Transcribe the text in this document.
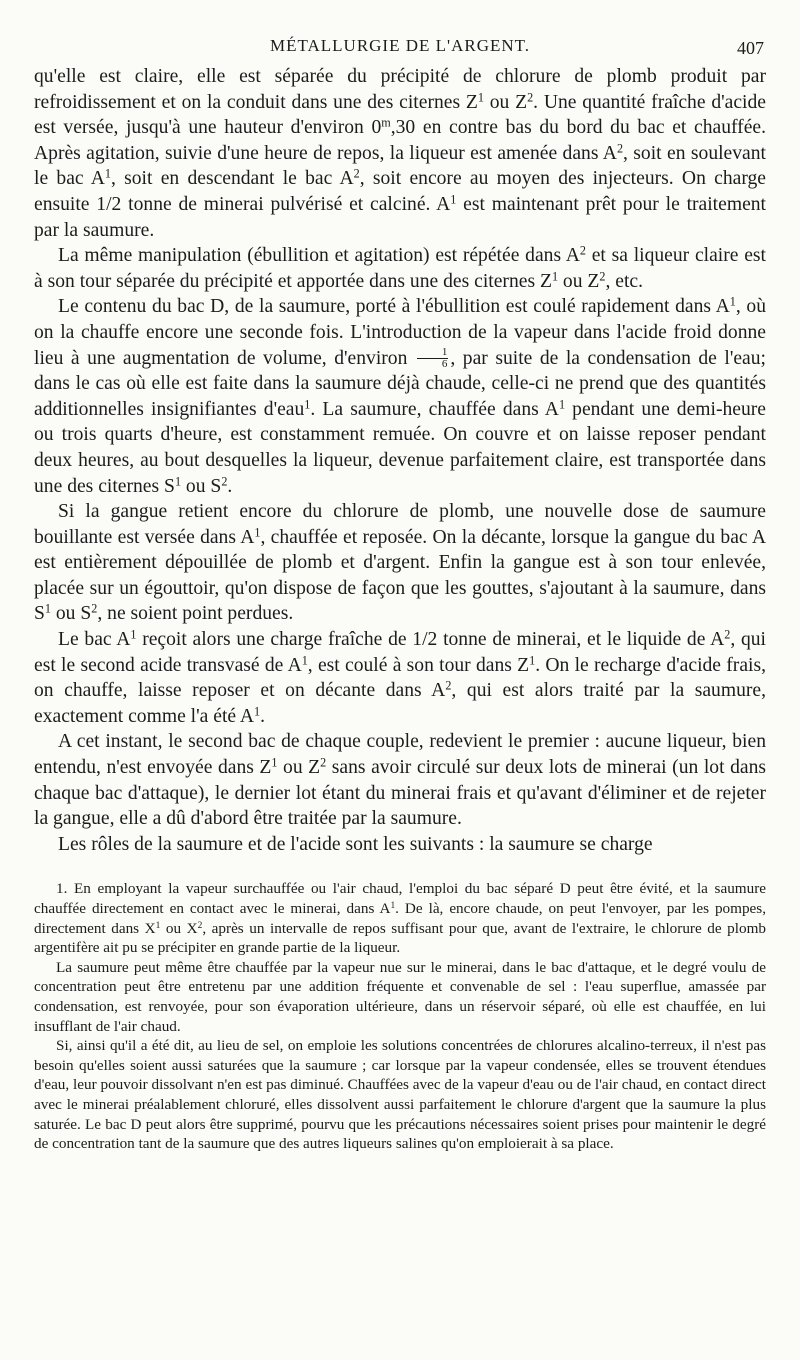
MÉTALLURGIE DE L'ARGENT.	407

qu'elle est claire, elle est séparée du précipité de chlorure de plomb produit par refroidissement et on la conduit dans une des citernes $Z^1$ ou $Z^2$. Une quantité fraîche d'acide est versée, jusqu'à une hauteur d'environ 0$^m$,30 en contre bas du bord du bac et chauffée. Après agitation, suivie d'une heure de repos, la liqueur est amenée dans $A^2$, soit en soulevant le bac $A^1$, soit en descendant le bac $A^2$, soit encore au moyen des injecteurs. On charge ensuite 1/2 tonne de minerai pulvérisé et calciné. $A^1$ est maintenant prêt pour le traitement par la saumure.

La même manipulation (ébullition et agitation) est répétée dans $A^2$ et sa liqueur claire est à son tour séparée du précipité et apportée dans une des citernes $Z^1$ ou $Z^2$, etc.

Le contenu du bac D, de la saumure, porté à l'ébullition est coulé rapidement dans $A^1$, où on la chauffe encore une seconde fois. L'introduction de la vapeur dans l'acide froid donne lieu à une augmentation de volume, d'environ $\frac{1}{6}$ , par suite de la condensation de l'eau; dans le cas où elle est faite dans la saumure déjà chaude, celle-ci ne prend que des quantités additionnelles insignifiantes d'eau$^1$. La saumure, chauffée dans $A^1$ pendant une demi-heure ou trois quarts d'heure, est constamment remuée. On couvre et on laisse reposer pendant deux heures, au bout desquelles la liqueur, devenue parfaitement claire, est transportée dans une des citernes $S^1$ ou $S^2$.

Si la gangue retient encore du chlorure de plomb, une nouvelle dose de saumure bouillante est versée dans $A^1$, chauffée et reposée. On la décante, lorsque la gangue du bac A est entièrement dépouillée de plomb et d'argent. Enfin la gangue est à son tour enlevée, placée sur un égouttoir, qu'on dispose de façon que les gouttes, s'ajoutant à la saumure, dans $S^1$ ou $S^2$, ne soient point perdues.

Le bac $A^1$ reçoit alors une charge fraîche de 1/2 tonne de minerai, et le liquide de $A^2$, qui est le second acide transvasé de $A^1$, est coulé à son tour dans $Z^1$. On le recharge d'acide frais, on chauffe, laisse reposer et on décante dans $A^2$, qui est alors traité par la saumure, exactement comme l'a été $A^1$.

A cet instant, le second bac de chaque couple, redevient le premier : aucune liqueur, bien entendu, n'est envoyée dans $Z^1$ ou $Z^2$ sans avoir circulé sur deux lots de minerai (un lot dans chaque bac d'attaque), le dernier lot étant du minerai frais et qu'avant d'éliminer et de rejeter la gangue, elle a dû d'abord être traitée par la saumure.

Les rôles de la saumure et de l'acide sont les suivants : la saumure se charge

1. En employant la vapeur surchauffée ou l'air chaud, l'emploi du bac séparé D peut être évité, et la saumure chauffée directement en contact avec le minerai, dans $A^1$. De là, encore chaude, on peut l'envoyer, par les pompes, directement dans $X^1$ ou $X^2$, après un intervalle de repos suffisant pour que, avant de l'extraire, le chlorure de plomb argentifère ait pu se précipiter en grande partie de la liqueur.

La saumure peut même être chauffée par la vapeur nue sur le minerai, dans le bac d'attaque, et le degré voulu de concentration peut être entretenu par une addition fréquente et convenable de sel : l'eau superflue, amassée par condensation, est renvoyée, pour son évaporation ultérieure, dans un réservoir séparé, où elle est chauffée, en lui insufflant de l'air chaud.

Si, ainsi qu'il a été dit, au lieu de sel, on emploie les solutions concentrées de chlorures alcalino-terreux, il n'est pas besoin qu'elles soient aussi saturées que la saumure ; car lorsque par la vapeur condensée, elles se trouvent étendues d'eau, leur pouvoir dissolvant n'en est pas diminué. Chauffées avec de la vapeur d'eau ou de l'air chaud, en contact direct avec le minerai préalablement chloruré, elles dissolvent aussi parfaitement le chlorure d'argent que la saumure la plus saturée. Le bac D peut alors être supprimé, pourvu que les précautions nécessaires soient prises pour maintenir le degré de concentration tant de la saumure que des autres liqueurs salines qu'on emploierait à sa place.
